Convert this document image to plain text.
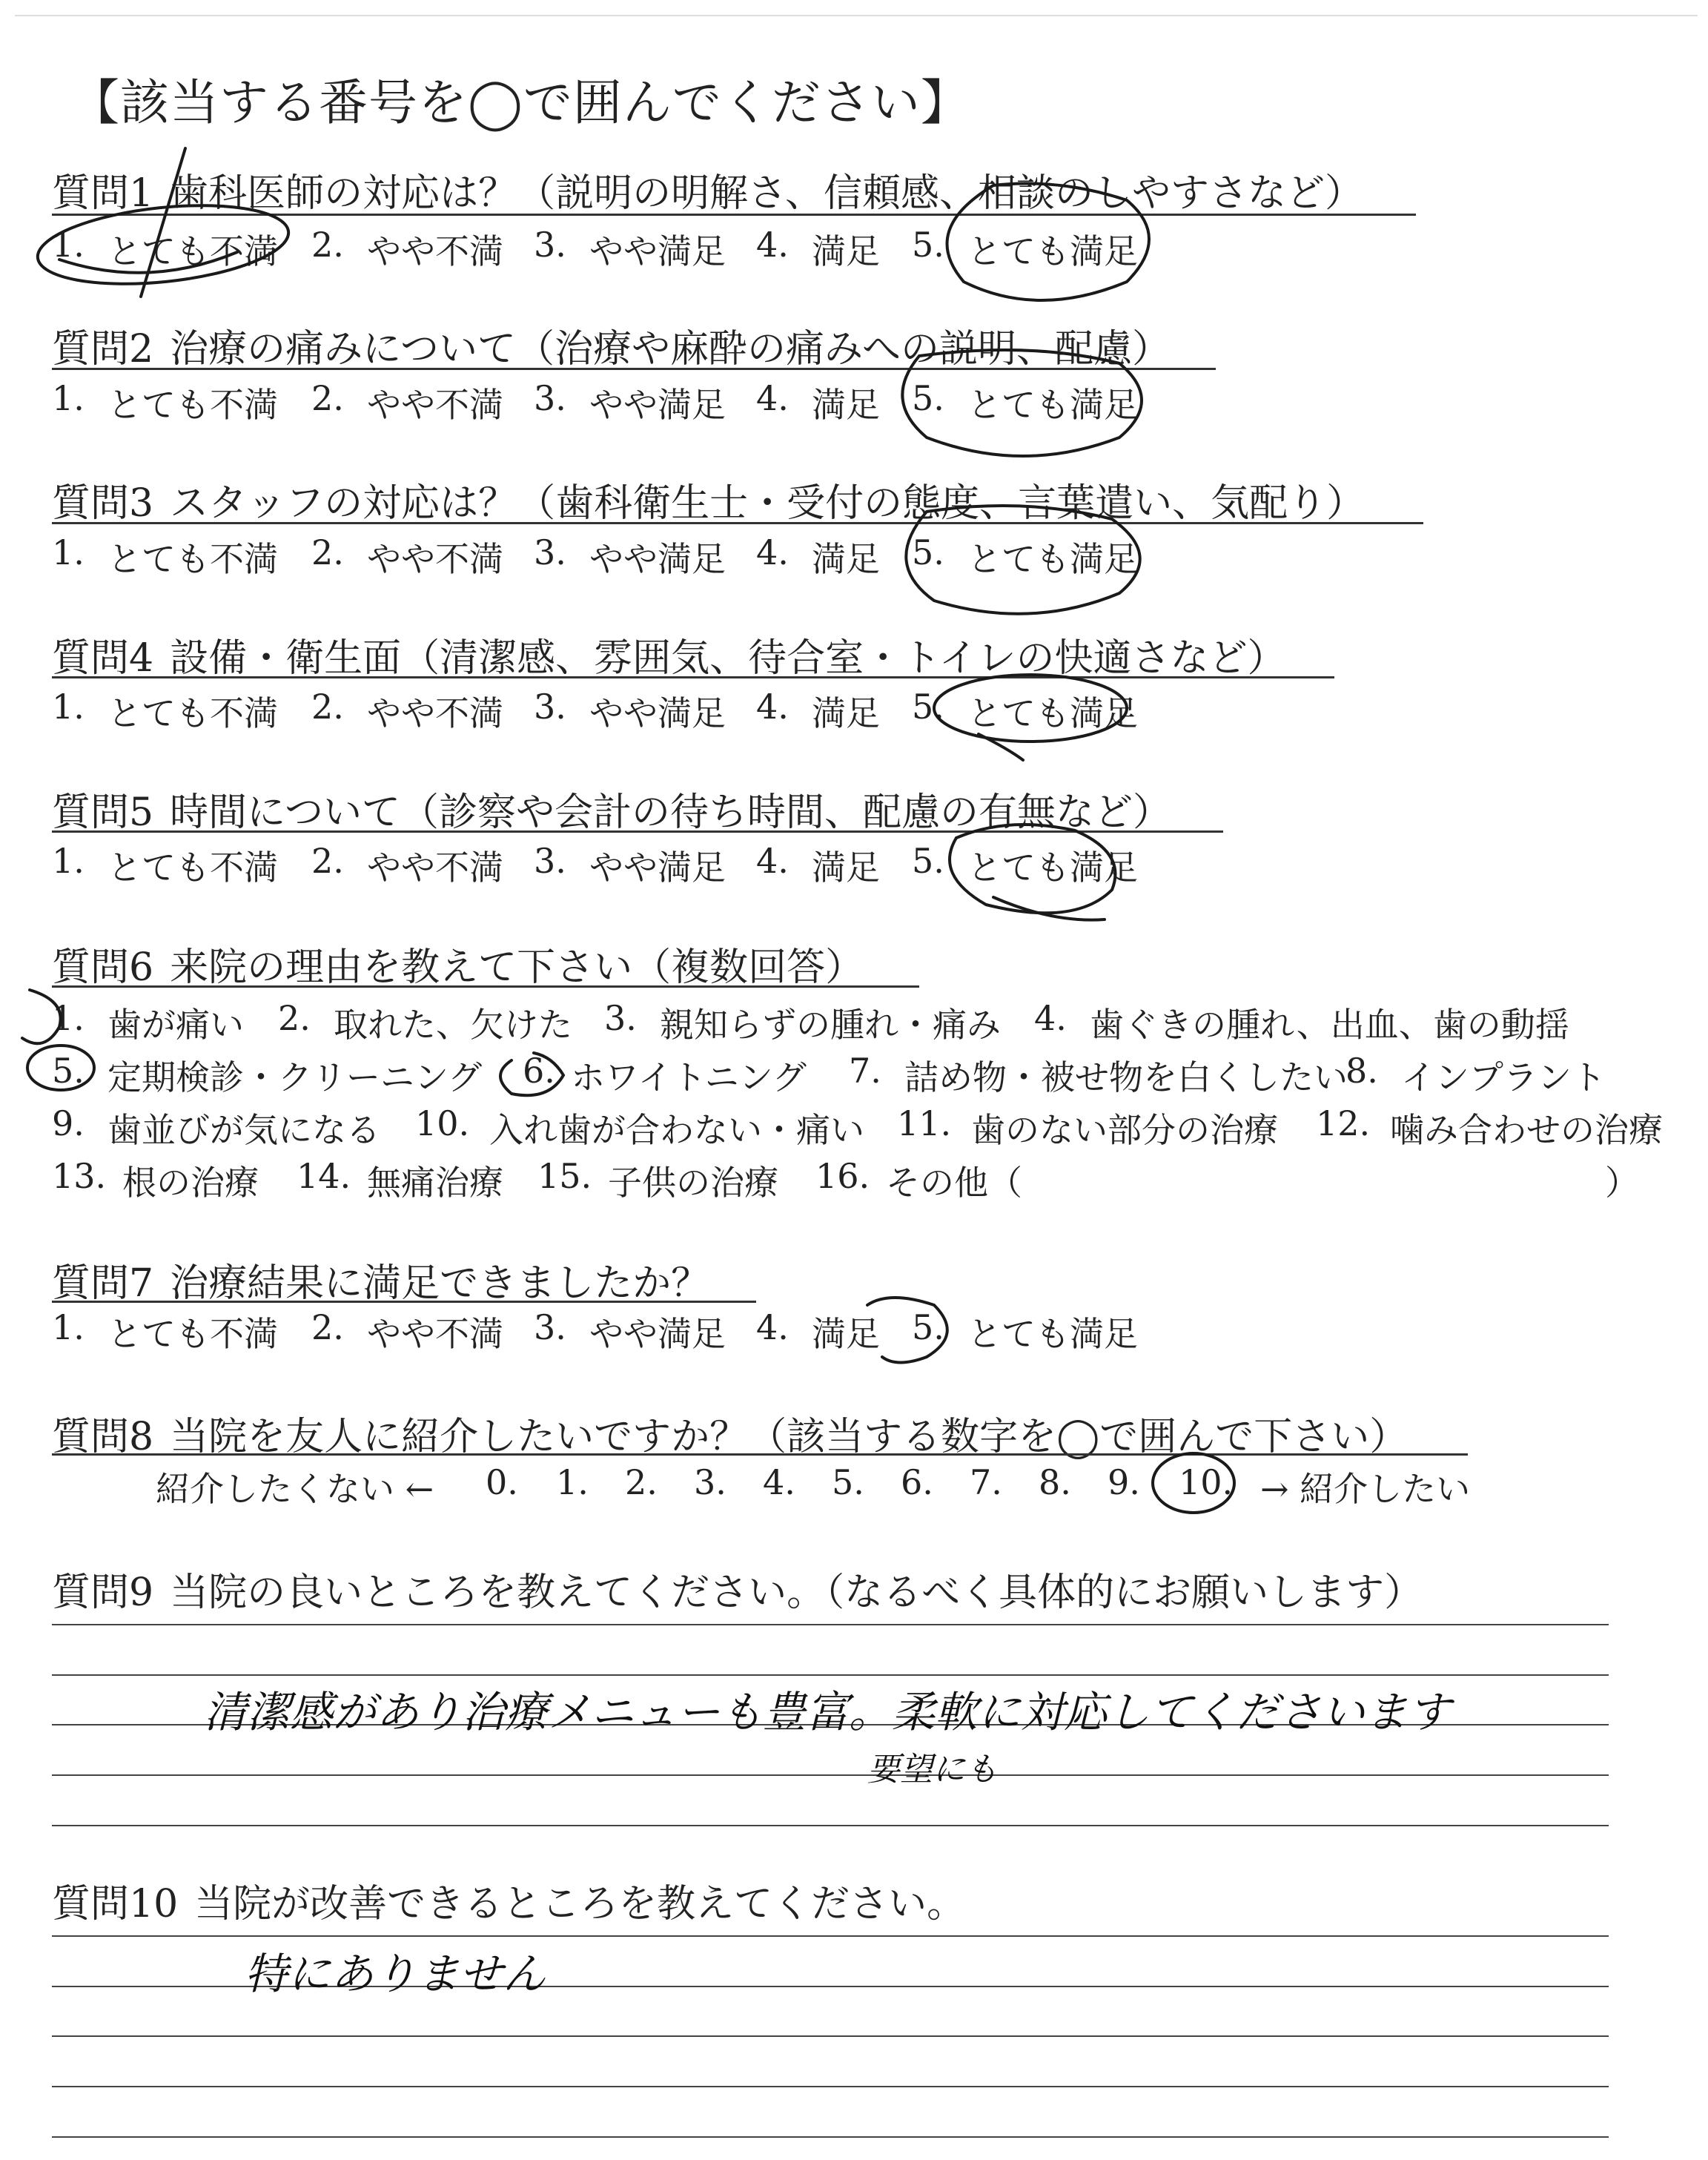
【該当する番号を◯で囲んでください】
質問1 歯科医師の対応は？（説明の明解さ、信頼感、相談のしやすさなど）
1. とても不満 2. やや不満 3. やや満足 4. 満足 5. とても満足
質問2 治療の痛みについて（治療や麻酔の痛みへの説明、配慮）
1. とても不満 2. やや不満 3. やや満足 4. 満足 5. とても満足
質問3 スタッフの対応は？（歯科衛生士・受付の態度、言葉遣い、気配り）
1. とても不満 2. やや不満 3. やや満足 4. 満足 5. とても満足
質問4 設備・衛生面（清潔感、雰囲気、待合室・トイレの快適さなど）
1. とても不満 2. やや不満 3. やや満足 4. 満足 5. とても満足
質問5 時間について（診察や会計の待ち時間、配慮の有無など）
1. とても不満 2. やや不満 3. やや満足 4. 満足 5. とても満足
質問6 来院の理由を教えて下さい（複数回答）
1. 歯が痛い 2. 取れた、欠けた 3. 親知らずの腫れ・痛み 4. 歯ぐきの腫れ、出血、歯の動揺
5. 定期検診・クリーニング 6. ホワイトニング 7. 詰め物・被せ物を白くしたい
8. インプラント
9. 歯並びが気になる 10. 入れ歯が合わない・痛い 11. 歯のない部分の治療 12. 噛み合わせの治療
13. 根の治療 14. 無痛治療 15. 子供の治療 16. その他（	）
質問7 治療結果に満足できましたか？
1. とても不満 2. やや不満 3. やや満足 4. 満足 5. とても満足
質問8 当院を友人に紹介したいですか？（該当する数字を◯で囲んで下さい）
紹介したくない ← 0. 1. 2. 3. 4. 5. 6. 7. 8. 9. 10. → 紹介したい
質問9 当院の良いところを教えてください。（なるべく具体的にお願いします）
清潔感があり治療メニューも豊富。柔軟に対応してくださいます
要望にも
質問10 当院が改善できるところを教えてください。
特にありません
